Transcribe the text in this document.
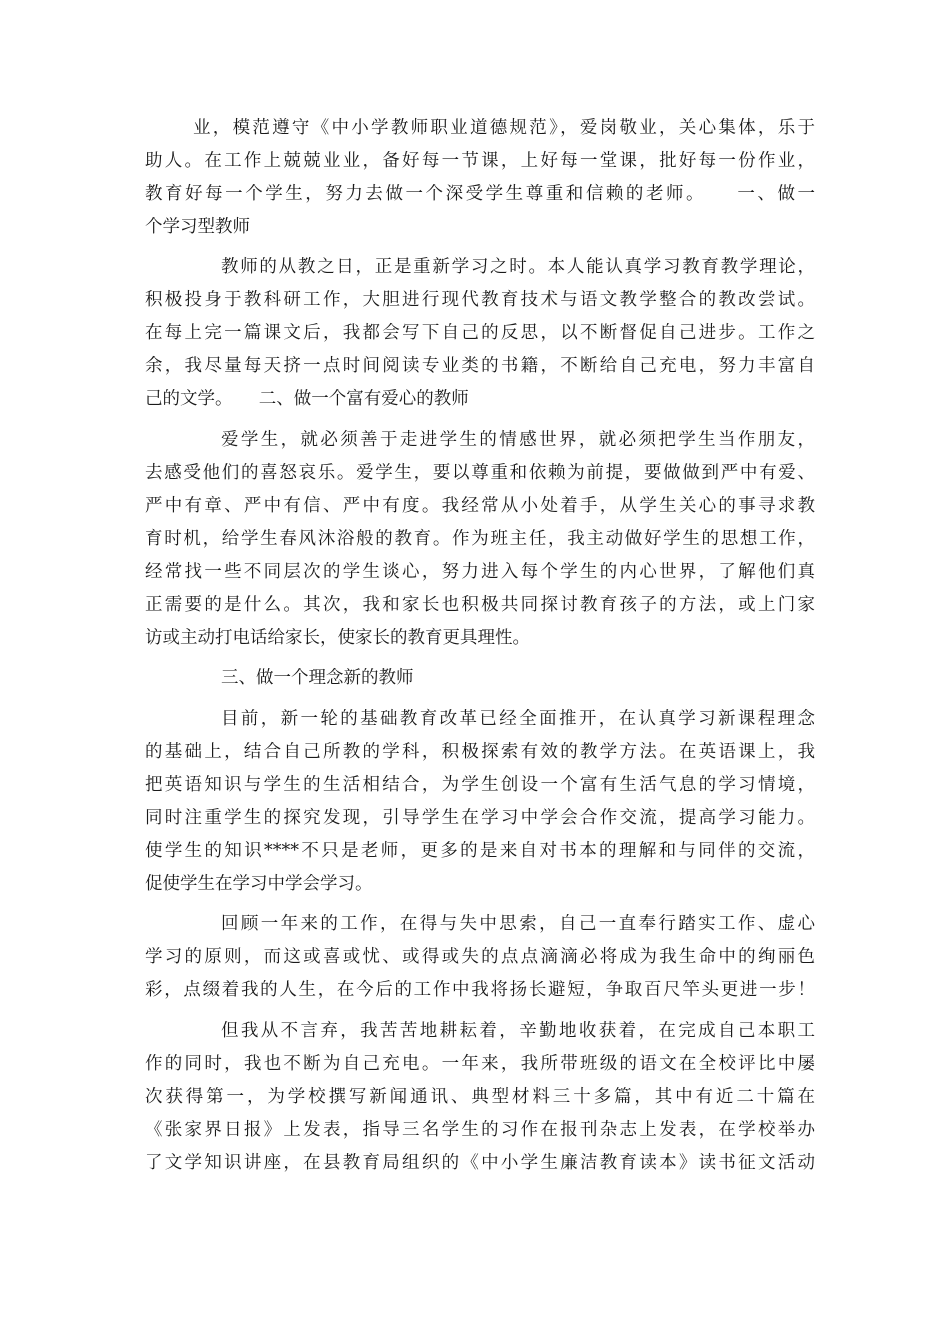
业，模范遵守《中小学教师职业道德规范》，爱岗敬业，关心集体，乐于
助人。在工作上兢兢业业，备好每一节课，上好每一堂课，批好每一份作业，
教育好每一个学生，努力去做一个深受学生尊重和信赖的老师。　　一、做一
个学习型教师
教师的从教之日，正是重新学习之时。本人能认真学习教育教学理论，
积极投身于教科研工作，大胆进行现代教育技术与语文教学整合的教改尝试。
在每上完一篇课文后，我都会写下自己的反思，以不断督促自己进步。工作之
余，我尽量每天挤一点时间阅读专业类的书籍，不断给自己充电，努力丰富自
己的文学。　　二、做一个富有爱心的教师
爱学生，就必须善于走进学生的情感世界，就必须把学生当作朋友，
去感受他们的喜怒哀乐。爱学生，要以尊重和依赖为前提，要做做到严中有爱、
严中有章、严中有信、严中有度。我经常从小处着手，从学生关心的事寻求教
育时机，给学生春风沐浴般的教育。作为班主任，我主动做好学生的思想工作，
经常找一些不同层次的学生谈心，努力进入每个学生的内心世界，了解他们真
正需要的是什么。其次，我和家长也积极共同探讨教育孩子的方法，或上门家
访或主动打电话给家长，使家长的教育更具理性。
三、做一个理念新的教师
目前，新一轮的基础教育改革已经全面推开，在认真学习新课程理念
的基础上，结合自己所教的学科，积极探索有效的教学方法。在英语课上，我
把英语知识与学生的生活相结合，为学生创设一个富有生活气息的学习情境，
同时注重学生的探究发现，引导学生在学习中学会合作交流，提高学习能力。
使学生的知识****不只是老师，更多的是来自对书本的理解和与同伴的交流，
促使学生在学习中学会学习。
回顾一年来的工作，在得与失中思索，自己一直奉行踏实工作、虚心
学习的原则，而这或喜或忧、或得或失的点点滴滴必将成为我生命中的绚丽色
彩，点缀着我的人生，在今后的工作中我将扬长避短，争取百尺竿头更进一步！
但我从不言弃，我苦苦地耕耘着，辛勤地收获着，在完成自己本职工
作的同时，我也不断为自己充电。一年来，我所带班级的语文在全校评比中屡
次获得第一，为学校撰写新闻通讯、典型材料三十多篇，其中有近二十篇在
《张家界日报》上发表，指导三名学生的习作在报刊杂志上发表，在学校举办
了文学知识讲座，在县教育局组织的《中小学生廉洁教育读本》读书征文活动
